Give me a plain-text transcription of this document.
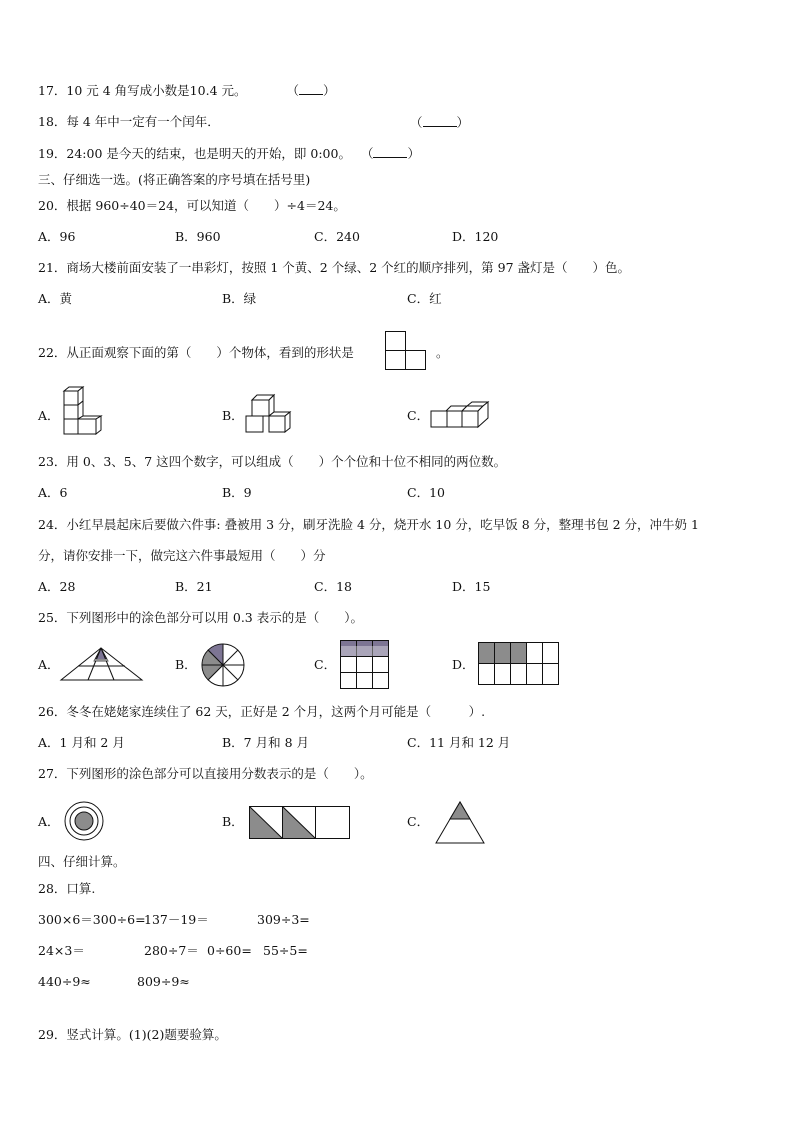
17．10 元 4 角写成小数是10.4 元。	（ ）
18．每 4 年中一定有一个闰年．	（	）
19．24:00 是今天的结束，也是明天的开始，即 0:00。 （	）
三、仔细选一选。(将正确答案的序号填在括号里)
20．根据 960÷40＝24，可以知道（　　）÷4＝24。
A．96	B．960	C．240	D．120
21．商场大楼前面安装了一串彩灯，按照 1 个黄、2 个绿、2 个红的顺序排列，第 97 盏灯是（　　）色。
A．黄	B．绿	C．红
22．从正面观察下面的第（　　）个物体，看到的形状是	。
A．	B．	C．
23．用 0、3、5、7 这四个数字，可以组成（　　）个个位和十位不相同的两位数。
A．6	B．9	C．10
24．小红早晨起床后要做六件事: 叠被用 3 分，刷牙洗脸 4 分，烧开水 10 分，吃早饭 8 分，整理书包 2 分，冲牛奶 1
分，请你安排一下，做完这六件事最短用（　　）分
A．28	B．21	C．18	D．15
25．下列图形中的涂色部分可以用 0.3 表示的是（　　）。
A．	B．	C．	D．
26．冬冬在姥姥家连续住了 62 天，正好是 2 个月，这两个月可能是（　　　）.
A．1 月和 2 月	B．7 月和 8 月	C．11 月和 12 月
27．下列图形的涂色部分可以直接用分数表示的是（　　）。
A．	B．	C．
四、仔细计算。
28．口算.
300×6＝300÷6=
137－19＝	309÷3=
24×3＝	280÷7＝ 0÷60= 55÷5=
440÷9≈	809÷9≈
29．竖式计算。(1)(2)题要验算。
